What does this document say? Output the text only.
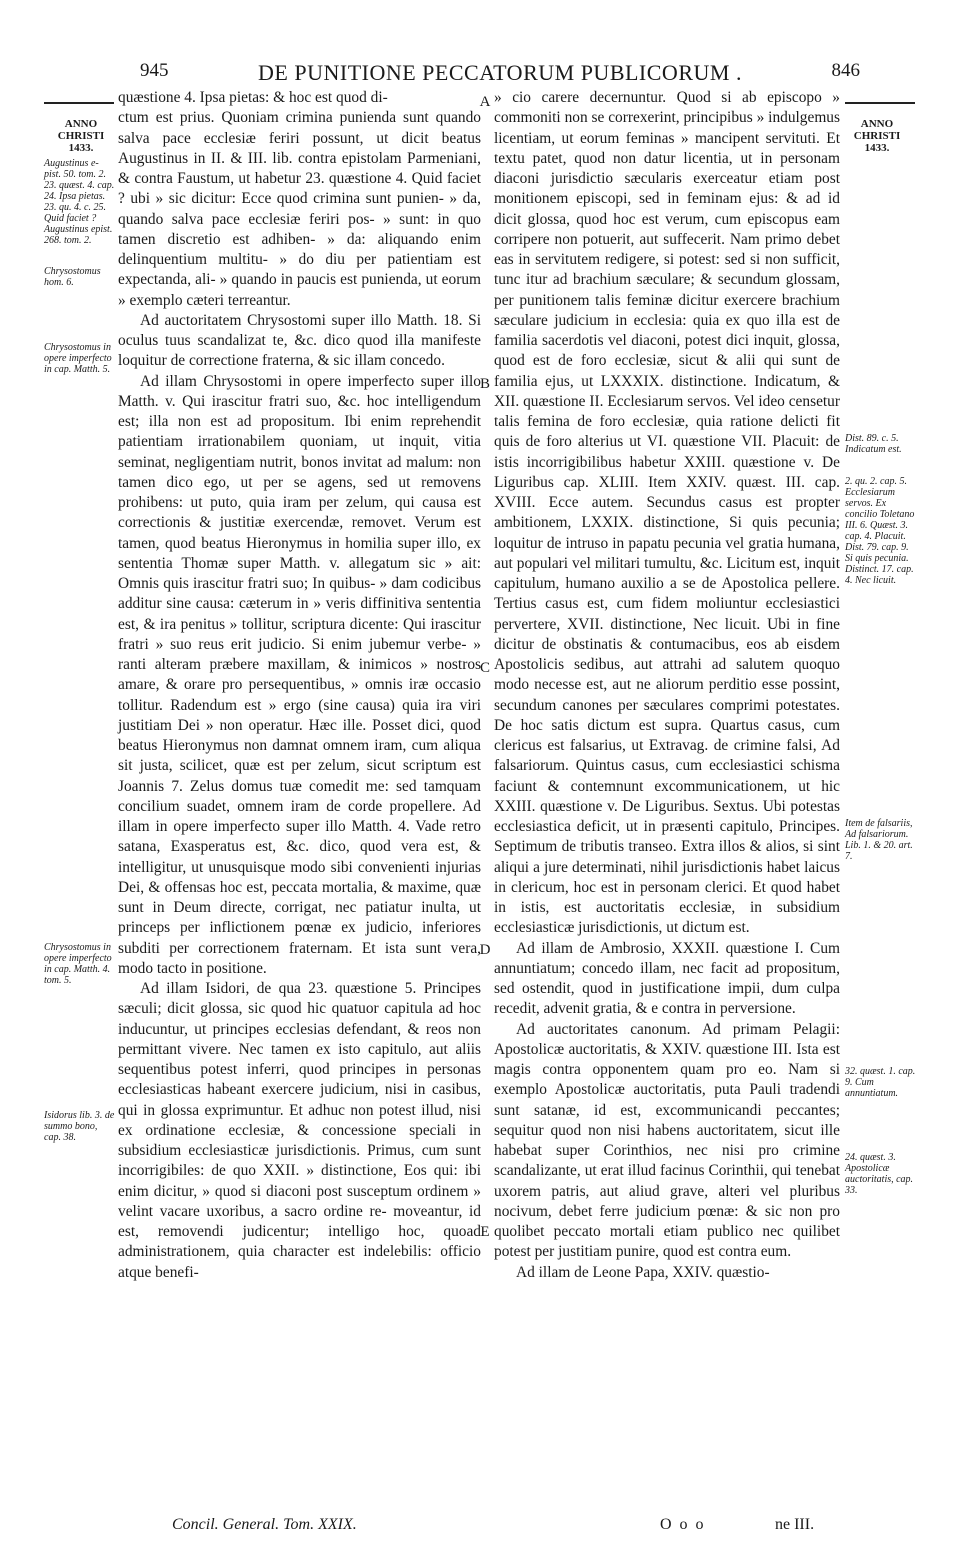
945	DE PUNITIONE PECCATORUM PUBLICORUM .	846
ANNO CHRISTI 1433.
ANNO CHRISTI 1433.

quæstione 4. Ipsa pietas: & hoc est quod di-

ctum est prius. Quoniam crimina punienda sunt quando salva pace ecclesiæ feriri possunt, ut dicit beatus Augustinus in II. & III. lib. contra epistolam Parmeniani, & contra Faustum, ut habetur 23. quæstione 4. Quid faciet ? ubi » sic dicitur: Ecce quod crimina sunt punien- » da, quando salva pace ecclesiæ feriri pos- » sunt: in quo tamen discretio est adhiben- » da: aliquando enim delinquentium multitu- » do diu per patientiam est expectanda, ali- » quando in paucis est punienda, ut eorum » exemplo cæteri terreantur.

Ad auctoritatem Chrysostomi super illo Matth. 18. Si oculus tuus scandalizat te, &c. dico quod illa manifeste loquitur de correctione fraterna, & sic illam concedo.

Ad illam Chrysostomi in opere imperfecto super illo Matth. v. Qui irascitur fratri suo, &c. hoc intelligendum est; illa non est ad propositum. Ibi enim reprehendit patientiam irrationabilem quoniam, ut inquit, vitia seminat, negligentiam nutrit, bonos invitat ad malum: non tamen dico ego, ut per se agens, sed ut removens prohibens: ut puto, quia iram per zelum, qui causa est correctionis & justitiæ exercendæ, removet. Verum est tamen, quod beatus Hieronymus in homilia super illo, ex sententia Thomæ super Matth. v. allegatum sic » ait: Omnis quis irascitur fratri suo; In quibus- » dam codicibus additur sine causa: cæterum in » veris diffinitiva sententia est, & ira penitus » tollitur, scriptura dicente: Qui irascitur fratri » suo reus erit judicio. Si enim jubemur verbe- » ranti alteram præbere maxillam, & inimicos » nostros amare, & orare pro persequentibus, » omnis iræ occasio tollitur. Radendum est » ergo (sine causa) quia ira viri justitiam Dei » non operatur. Hæc ille. Posset dici, quod beatus Hieronymus non damnat omnem iram, cum aliqua sit justa, scilicet, quæ est per zelum, sicut scriptum est Joannis 7. Zelus domus tuæ comedit me: sed tamquam concilium suadet, omnem iram de corde propellere. Ad illam in opere imperfecto super illo Matth. 4. Vade retro satana, Exasperatus est, &c. dico, quod vera est, & intelligitur, ut unusquisque modo sibi convenienti injurias Dei, & offensas hoc est, peccata mortalia, & maxime, quæ sunt in Deum directe, corrigat, nec patiatur inulta, ut princeps per inflictionem pœnæ ex judicio, inferiores subditi per correctionem fraternam. Et ista sunt vera, modo tacto in positione.

Ad illam Isidori, de qua 23. quæstione 5. Principes sæculi; dicit glossa, sic quod hic quatuor capitula ad hoc inducuntur, ut principes ecclesias defendant, & reos non permittant vivere. Nec tamen ex isto capitulo, aut aliis sequentibus potest inferri, quod principes in personas ecclesiasticas habeant exercere judicium, nisi in casibus, qui in glossa exprimuntur. Et adhuc non potest illud, nisi ex ordinatione ecclesiæ, & concessione speciali in subsidium ecclesiasticæ jurisdictionis. Primus, cum sunt incorrigibiles: de quo XXII. » distinctione, Eos qui: ibi enim dicitur, » quod si diaconi post susceptum ordinem » velint vacare uxoribus, a sacro ordine re- moveantur, id est, removendi judicentur; intelligo hoc, quoad administrationem, quia character est indelebilis: officio atque benefi-

» cio carere decernuntur. Quod si ab episcopo » commoniti non se correxerint, principibus » indulgemus licentiam, ut eorum feminas » mancipent servituti. Et textu patet, quod non datur licentia, ut in personam diaconi jurisdictio sæcularis exerceatur etiam post monitionem episcopi, sed in feminam ejus: & ad id dicit glossa, quod hoc est verum, cum episcopus eam corripere non potuerit, aut suffecerit. Nam primo debet eas in servitutem redigere, si potest: sed si non sufficit, tunc itur ad brachium sæculare; & secundum glossam, per punitionem talis feminæ dicitur exercere brachium sæculare judicium in ecclesia: quia ex quo illa est de familia sacerdotis vel diaconi, potest dici inquit, glossa, quod est de foro ecclesiæ, sicut & alii qui sunt de familia ejus, ut LXXXIX. distinctione. Indicatum, & XII. quæstione II. Ecclesiarum servos. Vel ideo censetur talis femina de foro ecclesiæ, quia ratione delicti fit quis de foro alterius ut VI. quæstione VII. Placuit: de istis incorrigibilibus habetur XXIII. quæstione v. De Liguribus cap. XLIII. Item XXIV. quæst. III. cap. XVIII. Ecce autem. Secundus casus est propter ambitionem, LXXIX. distinctione, Si quis pecunia; loquitur de intruso in papatu pecunia vel gratia humana, aut populari vel militari tumultu, &c. Licitum est, inquit capitulum, humano auxilio a se de Apostolica pellere. Tertius casus est, cum fidem moliuntur ecclesiastici pervertere, XVII. distinctione, Nec licuit. Ubi in fine dicitur de obstinatis & contumacibus, eos ab eisdem Apostolicis sedibus, aut attrahi ad salutem quoquo modo necesse est, aut ne aliorum perditio esse possint, secundum canones per sæculares comprimi potestates. De hoc satis dictum est supra. Quartus casus, cum clericus est falsarius, ut Extravag. de crimine falsi, Ad falsariorum. Quintus casus, cum ecclesiastici schisma faciunt & contemnunt excommunicationem, ut hic XXIII. quæstione v. De Liguribus. Sextus. Ubi potestas ecclesiastica deficit, ut in præsenti capitulo, Principes. Septimum de tributis transeo. Extra illos & alios, si sint aliqui a jure determinati, nihil jurisdictionis habet laicus in clericum, hoc est in personam clerici. Et quod habet in istis, est auctoritatis ecclesiæ, in subsidium ecclesiasticæ jurisdictionis, ut dictum est.

Ad illam de Ambrosio, XXXII. quæstione I. Cum annuntiatum; concedo illam, nec facit ad propositum, sed ostendit, quod in justificatione impii, dum culpa recedit, advenit gratia, & e contra in perversione.

Ad auctoritates canonum. Ad primam Pelagii: Apostolicæ auctoritatis, & XXIV. quæstione III. Ista est magis contra opponentem quam pro eo. Nam si exemplo Apostolicæ auctoritatis, puta Pauli tradendi sunt satanæ, id est, excommunicandi peccantes; sequitur quod non nisi habens auctoritatem, sicut ille habebat super Corinthios, nec nisi pro crimine scandalizante, ut erat illud facinus Corinthii, qui tenebat uxorem patris, aut aliud grave, alteri vel pluribus nocivum, debet ferre judicium pœnæ: & sic non pro quolibet peccato mortali etiam publico nec quilibet potest per justitiam punire, quod est contra eum.

Ad illam de Leone Papa, XXIV. quæstio-

A
B
C
D
E
Augustinus e- pist. 50. tom. 2. 23. quæst. 4. cap. 24. Ipsa pietas. 23. qu. 4. c. 25. Quid faciet ? Augustinus epist. 268. tom. 2.
Chrysostomus hom. 6.
Chrysostomus in opere imperfecto in cap. Matth. 5.
Chrysostomus in opere imperfecto in cap. Matth. 4. tom. 5.
Isidorus lib. 3. de summo bono, cap. 38.
Dist. 89. c. 5. Indicatum est.
2. qu. 2. cap. 5. Ecclesiarum servos. Ex concilio Toletano III. 6. Quæst. 3. cap. 4. Placuit. Dist. 79. cap. 9. Si quis pecunia. Distinct. 17. cap. 4. Nec licuit.
Item de falsariis, Ad falsariorum. Lib. 1. & 20. art. 7.
32. quæst. 1. cap. 9. Cum annuntiatum.
24. quæst. 3. Apostolicæ auctoritatis, cap. 33.
Concil. General. Tom. XXIX.	O o o	ne III.
